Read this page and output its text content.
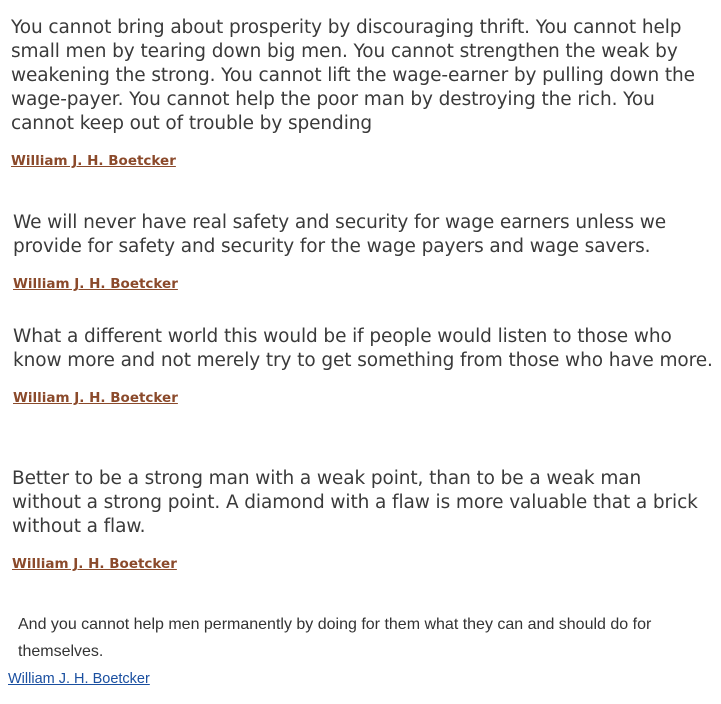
You cannot bring about prosperity by discouraging thrift. You cannot help small men by tearing down big men. You cannot strengthen the weak by weakening the strong. You cannot lift the wage-earner by pulling down the wage-payer. You cannot help the poor man by destroying the rich. You cannot keep out of trouble by spending

William J. H. Boetcker

We will never have real safety and security for wage earners unless we provide for safety and security for the wage payers and wage savers.

William J. H. Boetcker

What a different world this would be if people would listen to those who know more and not merely try to get something from those who have more.

William J. H. Boetcker

Better to be a strong man with a weak point, than to be a weak man without a strong point. A diamond with a flaw is more valuable that a brick without a flaw.

William J. H. Boetcker

And you cannot help men permanently by doing for them what they can and should do for themselves.

William J. H. Boetcker
